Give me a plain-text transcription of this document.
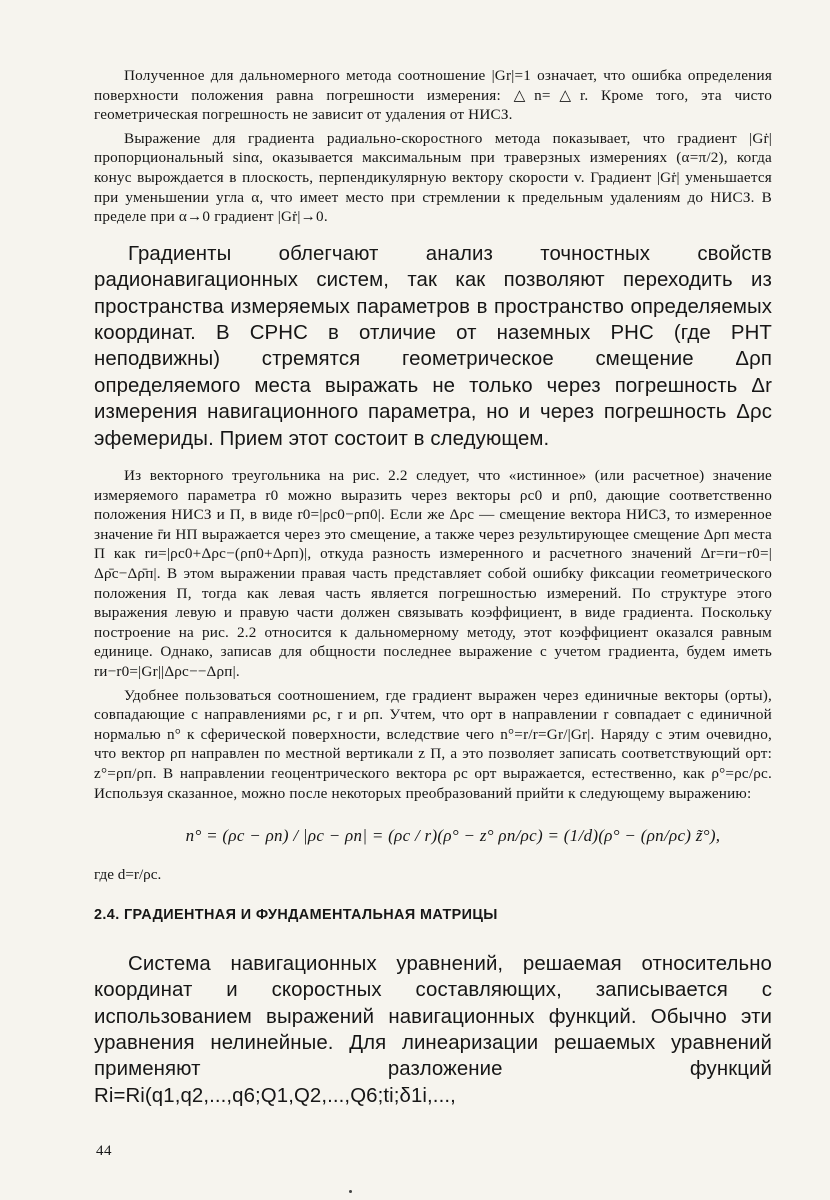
Полученное для дальномерного метода соотношение |Gr|=1 означает, что ошибка определения поверхности положения равна погрешности измерения: △n=△r. Кроме того, эта чисто геометрическая погрешность не зависит от удаления от НИСЗ.

Выражение для градиента радиально-скоростного метода показывает, что градиент |Gṙ| пропорциональный sinα, оказывается максимальным при траверзных измерениях (α=π/2), когда конус вырождается в плоскость, перпендикулярную вектору скорости v. Градиент |Gṙ| уменьшается при уменьшении угла α, что имеет место при стремлении к предельным удалениям до НИСЗ. В пределе при α→0 градиент |Gṙ|→0.

Градиенты облегчают анализ точностных свойств радионавигационных систем, так как позволяют переходить из пространства измеряемых параметров в пространство определяемых координат. В СРНС в отличие от наземных РНС (где РНТ неподвижны) стремятся геометрическое смещение Δρп определяемого места выражать не только через погрешность Δr измерения навигационного параметра, но и через погрешность Δρс эфемериды. Прием этот состоит в следующем.

Из векторного треугольника на рис. 2.2 следует, что «истинное» (или расчетное) значение измеряемого параметра r0 можно выразить через векторы ρс0 и ρп0, дающие соответственно положения НИСЗ и П, в виде r0=|ρс0−ρп0|. Если же Δρс — смещение вектора НИСЗ, то измеренное значение r̄и НП выражается через это смещение, а также через результирующее смещение Δρп места П как rи=|ρс0+Δρс−(ρп0+Δρп)|, откуда разность измеренного и расчетного значений Δr=rи−r0=|Δρ̄с−Δρ̄п|. В этом выражении правая часть представляет собой ошибку фиксации геометрического положения П, тогда как левая часть является погрешностью измерений. По структуре этого выражения левую и правую части должен связывать коэффициент, в виде градиента. Поскольку построение на рис. 2.2 относится к дальномерному методу, этот коэффициент оказался равным единице. Однако, записав для общности последнее выражение с учетом градиента, будем иметь rи−r0=|Gr||Δρс−−Δρп|.

Удобнее пользоваться соотношением, где градиент выражен через единичные векторы (орты), совпадающие с направлениями ρс, r и ρп. Учтем, что орт в направлении r совпадает с единичной нормалью n° к сферической поверхности, вследствие чего n°=r/r=Gr/|Gr|. Наряду с этим очевидно, что вектор ρп направлен по местной вертикали z П, а это позволяет записать соответствующий орт: z°=ρп/ρп. В направлении геоцентрического вектора ρс орт выражается, естественно, как ρ°=ρс/ρс. Используя сказанное, можно после некоторых преобразований прийти к следующему выражению:

n° = (ρс − ρп) / |ρс − ρп| = (ρс / r)(ρ° − z° ρп/ρс) = (1/d)(ρ° − (ρп/ρс) z̃°),
где d=r/ρс.
2.4. ГРАДИЕНТНАЯ И ФУНДАМЕНТАЛЬНАЯ МАТРИЦЫ

Система навигационных уравнений, решаемая относительно координат и скоростных составляющих, записывается с использованием выражений навигационных функций. Обычно эти уравнения нелинейные. Для линеаризации решаемых уравнений применяют разложение функций Ri=Ri(q1,q2,...,q6;Q1,Q2,...,Q6;ti;δ1i,...,

44
